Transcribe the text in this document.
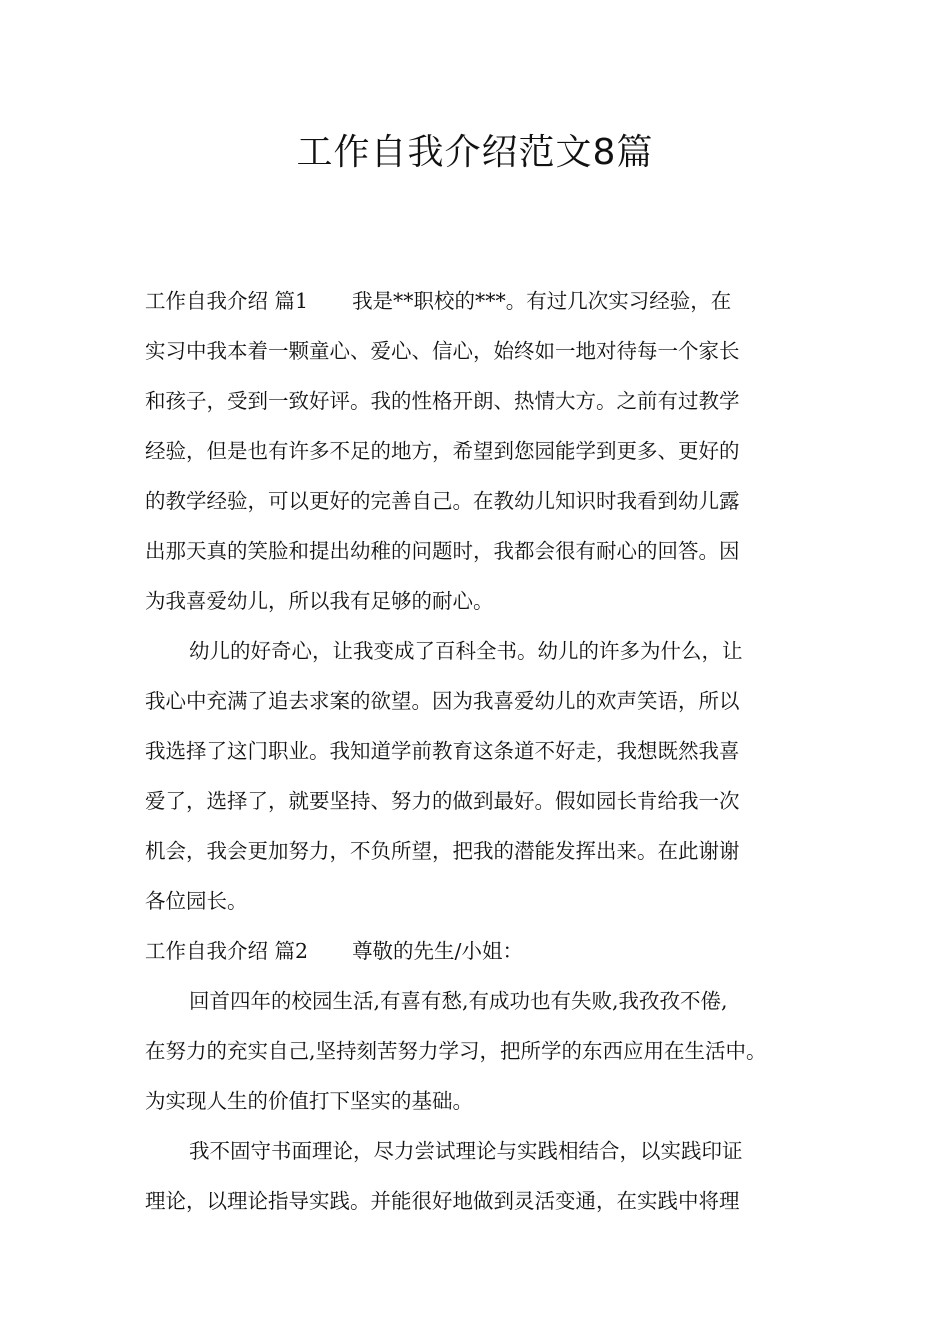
工作自我介绍范文8篇
工作自我介绍 篇1 我是**职校的***。有过几次实习经验，在
实习中我本着一颗童心、爱心、信心，始终如一地对待每一个家长
和孩子，受到一致好评。我的性格开朗、热情大方。之前有过教学
经验，但是也有许多不足的地方，希望到您园能学到更多、更好的
的教学经验，可以更好的完善自己。在教幼儿知识时我看到幼儿露
出那天真的笑脸和提出幼稚的问题时，我都会很有耐心的回答。因
为我喜爱幼儿，所以我有足够的耐心。
幼儿的好奇心，让我变成了百科全书。幼儿的许多为什么，让
我心中充满了追去求案的欲望。因为我喜爱幼儿的欢声笑语，所以
我选择了这门职业。我知道学前教育这条道不好走，我想既然我喜
爱了，选择了，就要坚持、努力的做到最好。假如园长肯给我一次
机会，我会更加努力，不负所望，把我的潜能发挥出来。在此谢谢
各位园长。
工作自我介绍 篇2 尊敬的先生/小姐：
回首四年的校园生活,有喜有愁,有成功也有失败,我孜孜不倦,
在努力的充实自己,坚持刻苦努力学习，把所学的东西应用在生活中。
为实现人生的价值打下坚实的基础。
我不固守书面理论，尽力尝试理论与实践相结合，以实践印证
理论，以理论指导实践。并能很好地做到灵活变通，在实践中将理
